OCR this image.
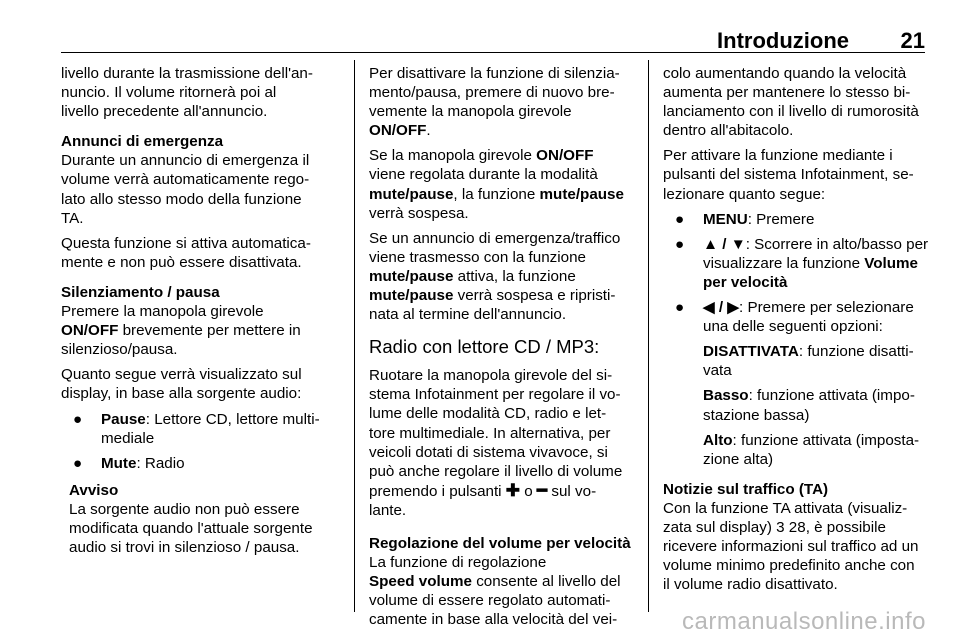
Introduzione 21

livello durante la trasmissione dell'an-
nuncio. Il volume ritornerà poi al
livello precedente all'annuncio.

Annunci di emergenza

Durante un annuncio di emergenza il
volume verrà automaticamente rego-
lato allo stesso modo della funzione
TA.

Questa funzione si attiva automatica-
mente e non può essere disattivata.

Silenziamento / pausa

Premere la manopola girevole
ON/OFF brevemente per mettere in
silenzioso/pausa.

Quanto segue verrà visualizzato sul
display, in base alla sorgente audio:

● Pause: Lettore CD, lettore multi-
mediale
● Mute: Radio
Avviso
La sorgente audio non può essere
modificata quando l'attuale sorgente
audio si trovi in silenzioso / pausa.

Per disattivare la funzione di silenzia-
mento/pausa, premere di nuovo bre-
vemente la manopola girevole
ON/OFF.

Se la manopola girevole ON/OFF
viene regolata durante la modalità
mute/pause, la funzione mute/pause
verrà sospesa.

Se un annuncio di emergenza/traffico
viene trasmesso con la funzione
mute/pause attiva, la funzione
mute/pause verrà sospesa e ripristi-
nata al termine dell'annuncio.

Radio con lettore CD / MP3:

Ruotare la manopola girevole del si-
stema Infotainment per regolare il vo-
lume delle modalità CD, radio e let-
tore multimediale. In alternativa, per
veicoli dotati di sistema vivavoce, si
può anche regolare il livello di volume
premendo i pulsanti ✚ o ━ sul vo-
lante.

Regolazione del volume per velocità

La funzione di regolazione
Speed volume consente al livello del
volume di essere regolato automati-
camente in base alla velocità del vei-

colo aumentando quando la velocità
aumenta per mantenere lo stesso bi-
lanciamento con il livello di rumorosità
dentro all'abitacolo.

Per attivare la funzione mediante i
pulsanti del sistema Infotainment, se-
lezionare quanto segue:

● MENU: Premere
● ▲ / ▼: Scorrere in alto/basso per
visualizzare la funzione Volume
per velocità
● ◀ / ▶: Premere per selezionare
una delle seguenti opzioni:
DISATTIVATA: funzione disatti-
vata
Basso: funzione attivata (impo-
stazione bassa)
Alto: funzione attivata (imposta-
zione alta)
Notizie sul traffico (TA)

Con la funzione TA attivata (visualiz-
zata sul display) 3 28, è possibile
ricevere informazioni sul traffico ad un
volume minimo predefinito anche con
il volume radio disattivato.

carmanualsonline.info
